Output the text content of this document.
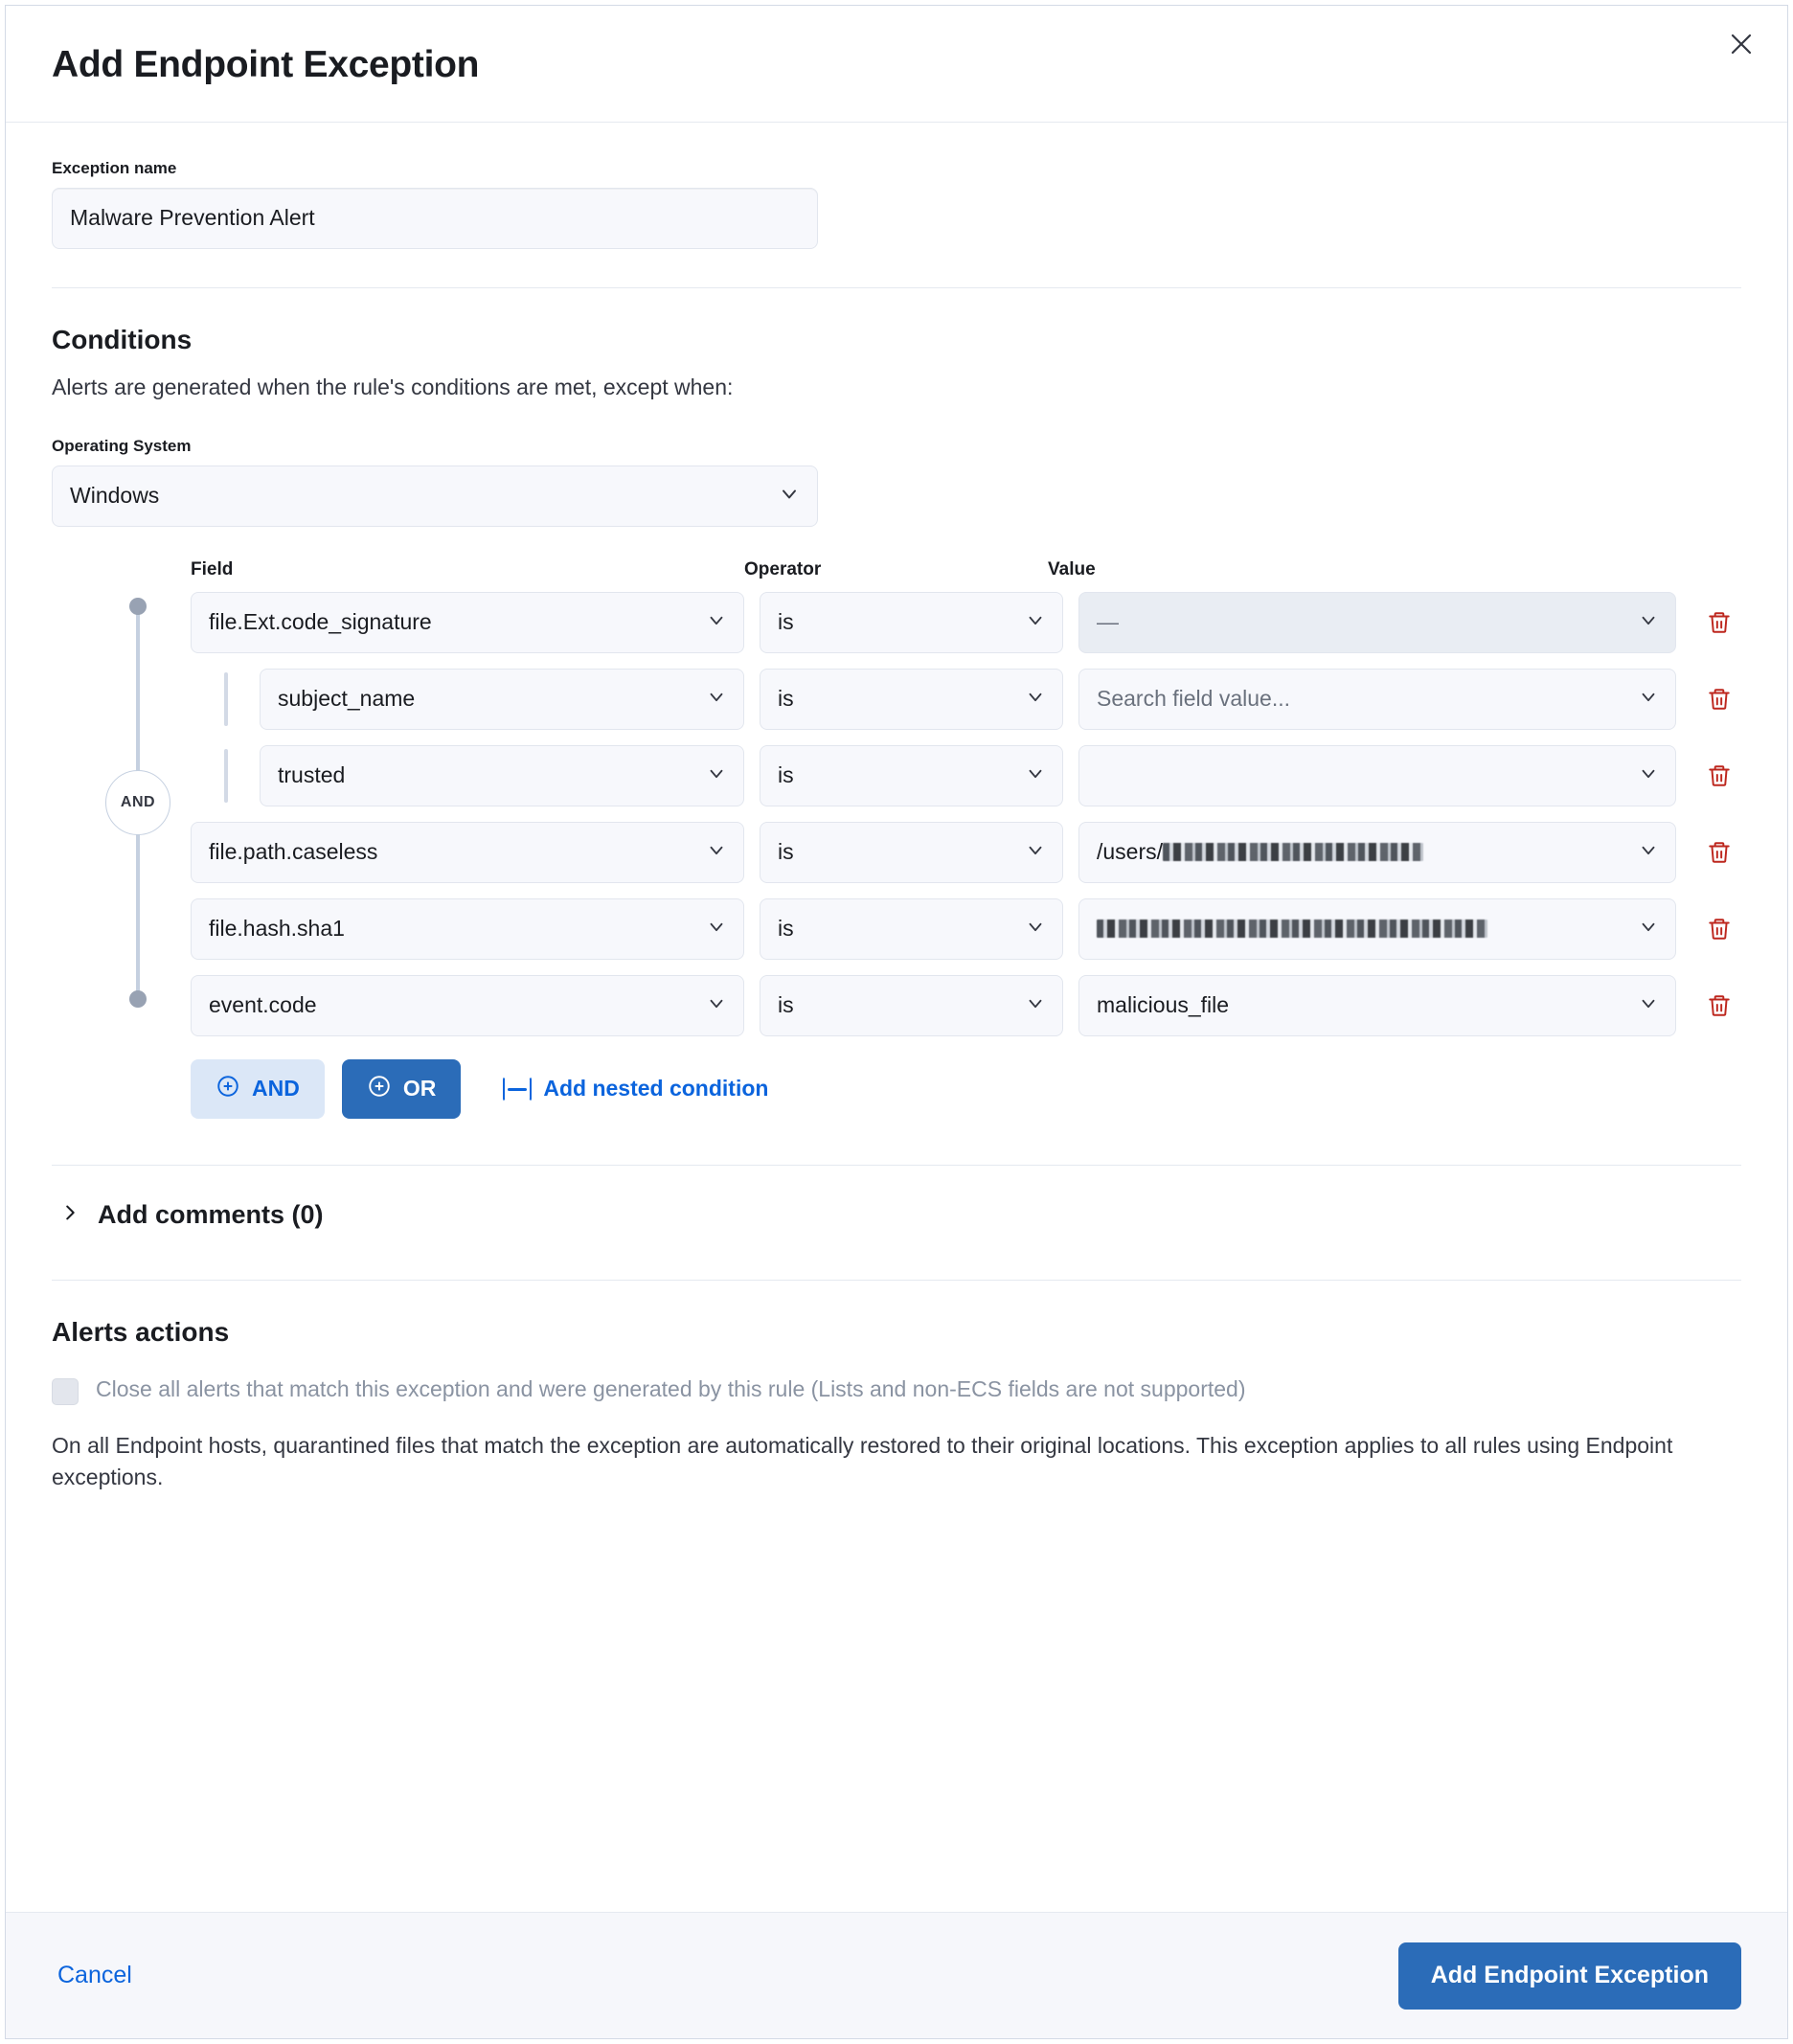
Add Endpoint Exception
Exception name
Malware Prevention Alert
Conditions
Alerts are generated when the rule's conditions are met, except when:
Operating System
Windows
AND
Field	Operator	Value
file.Ext.code_signature	is	—
subject_name	is	Search field value...
trusted	is
file.path.caseless	is	/users/
file.hash.sha1	is
event.code	is	malicious_file
AND	OR	Add nested condition
Add comments (0)
Alerts actions
Close all alerts that match this exception and were generated by this rule (Lists and non-ECS fields are not supported)
On all Endpoint hosts, quarantined files that match the exception are automatically restored to their original locations. This exception applies to all rules using Endpoint exceptions.
Cancel	Add Endpoint Exception
